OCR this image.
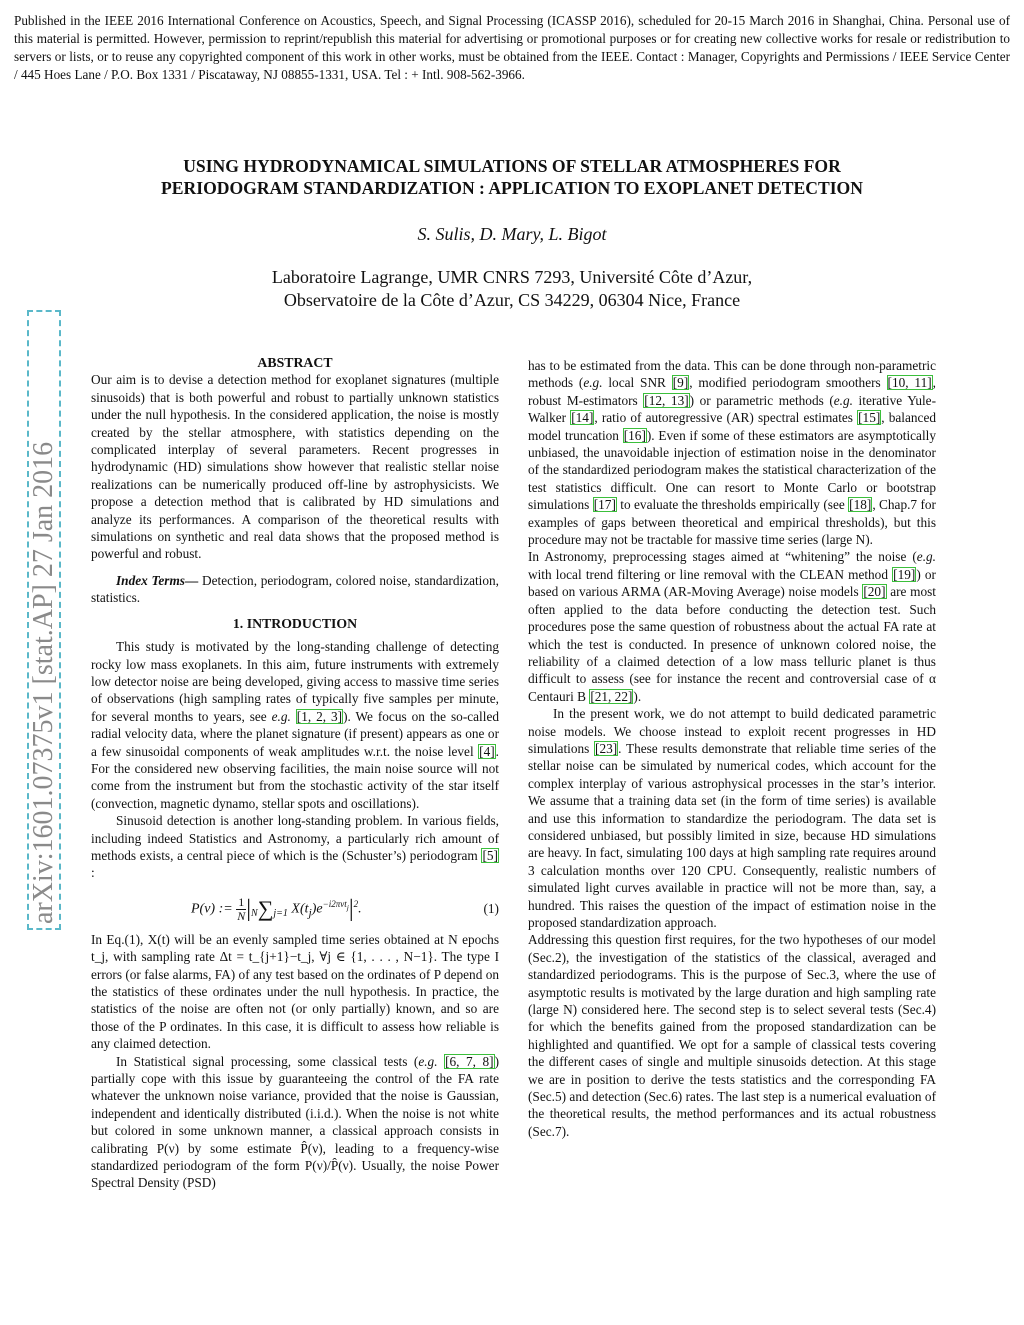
Published in the IEEE 2016 International Conference on Acoustics, Speech, and Signal Processing (ICASSP 2016), scheduled for 20-15 March 2016 in Shanghai, China. Personal use of this material is permitted. However, permission to reprint/republish this material for advertising or promotional purposes or for creating new collective works for resale or redistribution to servers or lists, or to reuse any copyrighted component of this work in other works, must be obtained from the IEEE. Contact : Manager, Copyrights and Permissions / IEEE Service Center / 445 Hoes Lane / P.O. Box 1331 / Piscataway, NJ 08855-1331, USA. Tel : + Intl. 908-562-3966.
USING HYDRODYNAMICAL SIMULATIONS OF STELLAR ATMOSPHERES FOR
PERIODOGRAM STANDARDIZATION : APPLICATION TO EXOPLANET DETECTION
S. Sulis, D. Mary, L. Bigot
Laboratoire Lagrange, UMR CNRS 7293, Université Côte d’Azur,
Observatoire de la Côte d’Azur, CS 34229, 06304 Nice, France
arXiv:1601.07375v1 [stat.AP] 27 Jan 2016

ABSTRACT

Our aim is to devise a detection method for exoplanet signatures (multiple sinusoids) that is both powerful and robust to partially unknown statistics under the null hypothesis. In the considered application, the noise is mostly created by the stellar atmosphere, with statistics depending on the complicated interplay of several parameters. Recent progresses in hydrodynamic (HD) simulations show however that realistic stellar noise realizations can be numerically produced off-line by astrophysicists. We propose a detection method that is calibrated by HD simulations and analyze its performances. A comparison of the theoretical results with simulations on synthetic and real data shows that the proposed method is powerful and robust.

Index Terms— Detection, periodogram, colored noise, standardization, statistics.

1. INTRODUCTION

This study is motivated by the long-standing challenge of detecting rocky low mass exoplanets. In this aim, future instruments with extremely low detector noise are being developed, giving access to massive time series of observations (high sampling rates of typically five samples per minute, for several months to years, see e.g. [1, 2, 3]). We focus on the so-called radial velocity data, where the planet signature (if present) appears as one or a few sinusoidal components of weak amplitudes w.r.t. the noise level [4]. For the considered new observing facilities, the main noise source will not come from the instrument but from the stochastic activity of the star itself (convection, magnetic dynamo, stellar spots and oscillations).

Sinusoid detection is another long-standing problem. In various fields, including indeed Statistics and Astronomy, a particularly rich amount of methods exists, a central piece of which is the (Schuster’s) periodogram [5] :

P(ν) := $\frac{1}{N} |N\sum j=1$ $X(t_j)e^{-i2\pi\nu t_j}|^2$.	(1)

In Eq.(1), X(t) will be an evenly sampled time series obtained at N epochs t_j, with sampling rate Δt = t_{j+1}−t_j, ∀j ∈ {1, . . . , N−1}. The type I errors (or false alarms, FA) of any test based on the ordinates of P depend on the statistics of these ordinates under the null hypothesis. In practice, the statistics of the noise are often not (or only partially) known, and so are those of the P ordinates. In this case, it is difficult to assess how reliable is any claimed detection.

In Statistical signal processing, some classical tests (e.g. [6, 7, 8]) partially cope with this issue by guaranteeing the control of the FA rate whatever the unknown noise variance, provided that the noise is Gaussian, independent and identically distributed (i.i.d.). When the noise is not white but colored in some unknown manner, a classical approach consists in calibrating P(ν) by some estimate P̂(ν), leading to a frequency-wise standardized periodogram of the form P(ν)/P̂(ν). Usually, the noise Power Spectral Density (PSD)

has to be estimated from the data. This can be done through non-parametric methods (e.g. local SNR [9], modified periodogram smoothers [10, 11], robust M-estimators [12, 13]) or parametric methods (e.g. iterative Yule-Walker [14], ratio of autoregressive (AR) spectral estimates [15], balanced model truncation [16]). Even if some of these estimators are asymptotically unbiased, the unavoidable injection of estimation noise in the denominator of the standardized periodogram makes the statistical characterization of the test statistics difficult. One can resort to Monte Carlo or bootstrap simulations [17] to evaluate the thresholds empirically (see [18], Chap.7 for examples of gaps between theoretical and empirical thresholds), but this procedure may not be tractable for massive time series (large N).

In Astronomy, preprocessing stages aimed at “whitening” the noise (e.g. with local trend filtering or line removal with the CLEAN method [19]) or based on various ARMA (AR-Moving Average) noise models [20] are most often applied to the data before conducting the detection test. Such procedures pose the same question of robustness about the actual FA rate at which the test is conducted. In presence of unknown colored noise, the reliability of a claimed detection of a low mass telluric planet is thus difficult to assess (see for instance the recent and controversial case of α Centauri B [21, 22]).

In the present work, we do not attempt to build dedicated parametric noise models. We choose instead to exploit recent progresses in HD simulations [23]. These results demonstrate that reliable time series of the stellar noise can be simulated by numerical codes, which account for the complex interplay of various astrophysical processes in the star’s interior. We assume that a training data set (in the form of time series) is available and use this information to standardize the periodogram. The data set is considered unbiased, but possibly limited in size, because HD simulations are heavy. In fact, simulating 100 days at high sampling rate requires around 3 calculation months over 120 CPU. Consequently, realistic numbers of simulated light curves available in practice will not be more than, say, a hundred. This raises the question of the impact of estimation noise in the proposed standardization approach.

Addressing this question first requires, for the two hypotheses of our model (Sec.2), the investigation of the statistics of the classical, averaged and standardized periodograms. This is the purpose of Sec.3, where the use of asymptotic results is motivated by the large duration and high sampling rate (large N) considered here. The second step is to select several tests (Sec.4) for which the benefits gained from the proposed standardization can be highlighted and quantified. We opt for a sample of classical tests covering the different cases of single and multiple sinusoids detection. At this stage we are in position to derive the tests statistics and the corresponding FA (Sec.5) and detection (Sec.6) rates. The last step is a numerical evaluation of the theoretical results, the method performances and its actual robustness (Sec.7).
